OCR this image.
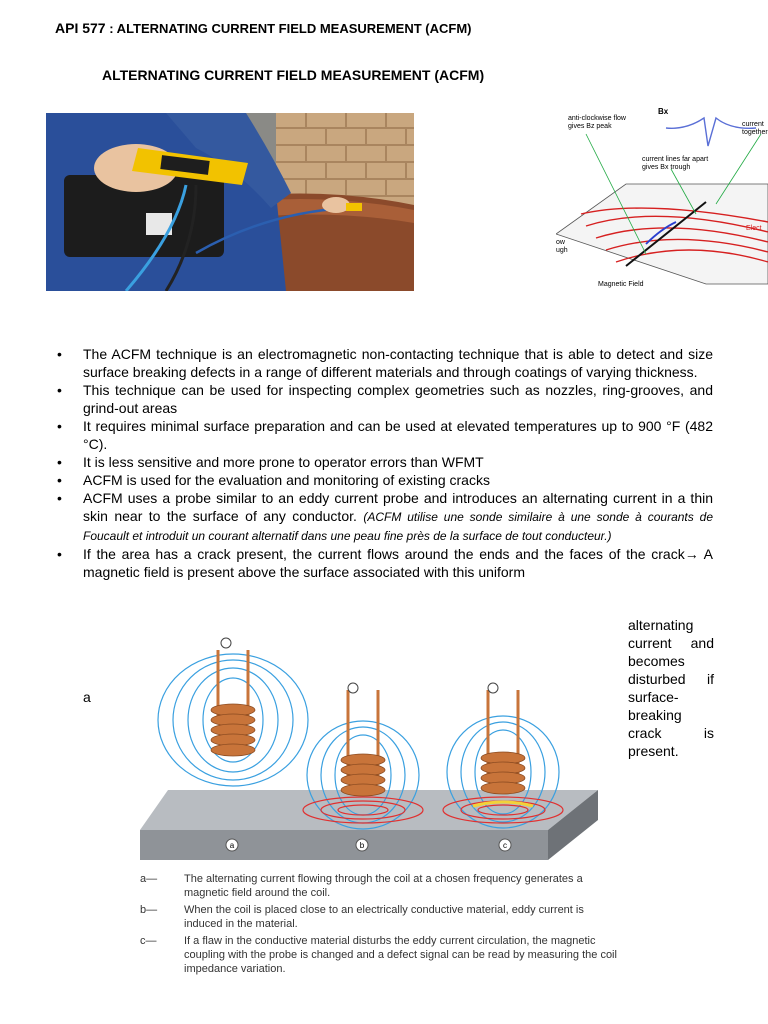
API 577 : ALTERNATING CURRENT FIELD MEASUREMENT (ACFM)
ALTERNATING CURRENT FIELD MEASUREMENT (ACFM)
anti-clockwise flow
gives Bz peak
Bx
current
together
current lines far apart
gives Bx trough
Elect
ow
ugh
Magnetic Field
• The ACFM technique is an electromagnetic non-contacting technique that is able to detect and size surface breaking defects in a range of different materials and through coatings of varying thickness.
• This technique can be used for inspecting complex geometries such as nozzles, ring-grooves, and grind-out areas
• It requires minimal surface preparation and can be used at elevated temperatures up to 900 °F (482 °C).
• It is less sensitive and more prone to operator errors than WFMT
• ACFM is used for the evaluation and monitoring of existing cracks
• ACFM uses a probe similar to an eddy current probe and introduces an alternating current in a thin skin near to the surface of any conductor. (ACFM utilise une sonde similaire à une sonde à courants de Foucault et introduit un courant alternatif dans une peau fine près de la surface de tout conducteur.)
• If the area has a crack present, the current flows around the ends and the faces of the crack→ A magnetic field is present above the surface associated with this uniform
alternating
current and
becomes
disturbed if
surface-
breaking
crack	is
present.
a
a	b	c
a— The alternating current flowing through the coil at a chosen frequency generates a magnetic field around the coil.
b— When the coil is placed close to an electrically conductive material, eddy current is induced in the material.
c—	If a flaw in the conductive material disturbs the eddy current circulation, the magnetic coupling with the probe is changed and a defect signal can be read by measuring the coil impedance variation.
